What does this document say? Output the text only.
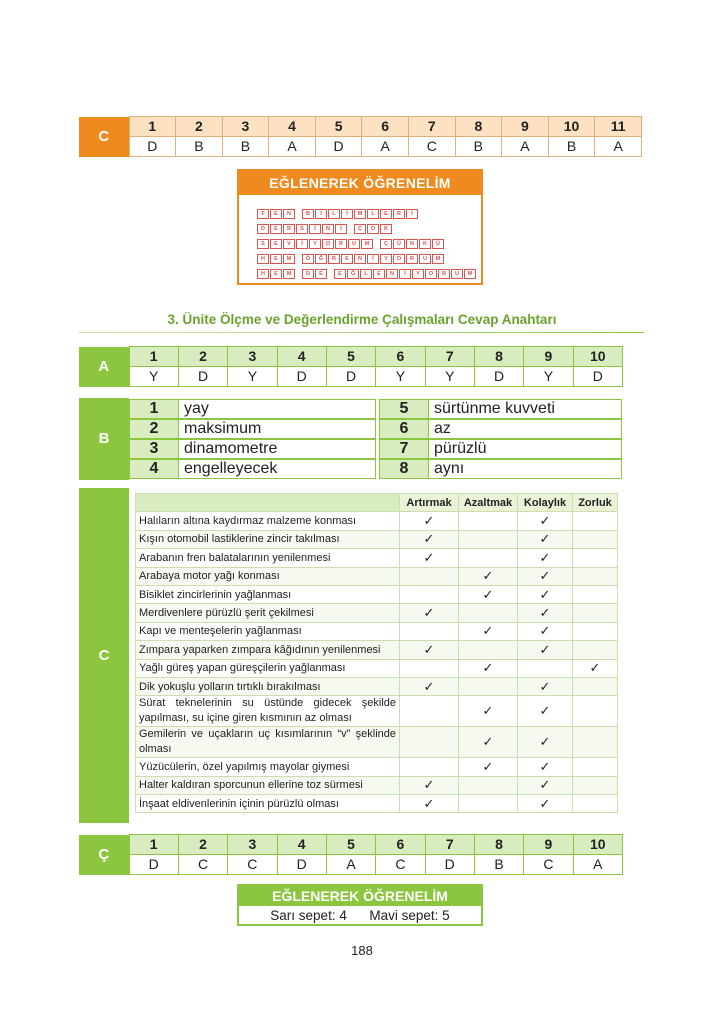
C	1	2	3	4	5	6	7	8	9	10	11
	D	B	B	A	D	A	C	B	A	B	A
EĞLENEREK ÖĞRENELİM
F	E	N	B	İ	L	İ	M	L	E	R	İ
D	E	R	S	İ	N	İ	Ç	O	K
S	E	V	İ	Y	O	R	U	M	Ç	Ü	N	K	Ü
H	E	M	Ö	Ğ	R	E	N	İ	Y	O	R	U	M
H	E	M	D	E	E	Ğ	L	E	N	İ	Y	O	R	U	M
3. Ünite Ölçme ve Değerlendirme Çalışmaları Cevap Anahtarı
A	1	2	3	4	5	6	7	8	9	10
	Y	D	Y	D	D	Y	Y	D	Y	D
B
1	yay
2	maksimum
3	dinamometre
4	engelleyecek
5	sürtünme kuvveti
6	az
7	pürüzlü
8	aynı
C
	Artırmak	Azaltmak	Kolaylık	Zorluk
Halıların altına kaydırmaz malzeme konması	✓		✓	
Kışın otomobil lastiklerine zincir takılması	✓		✓	
Arabanın fren balatalarının yenilenmesi	✓		✓	
Arabaya motor yağı konması		✓	✓	
Bisiklet zincirlerinin yağlanması		✓	✓	
Merdivenlere pürüzlü şerit çekilmesi	✓		✓	
Kapı ve menteşelerin yağlanması		✓	✓	
Zımpara yaparken zımpara kâğıdının yenilenmesi	✓		✓	
Yağlı güreş yapan güreşçilerin yağlanması		✓		✓
Dik yokuşlu yolların tırtıklı bırakılması	✓		✓	
Sürat teknelerinin su üstünde gidecek şekilde yapılması, su içine giren kısmının az olması		✓	✓	
Gemilerin ve uçakların uç kısımlarının “v” şeklinde olması		✓	✓	
Yüzücülerin, özel yapılmış mayolar giymesi		✓	✓	
Halter kaldıran sporcunun ellerine toz sürmesi	✓		✓	
İnşaat eldivenlerinin içinin pürüzlü olması	✓		✓	
Ç	1	2	3	4	5	6	7	8	9	10
	D	C	C	D	A	C	D	B	C	A
EĞLENEREK ÖĞRENELİM
Sarı sepet: 4 Mavi sepet: 5
188
